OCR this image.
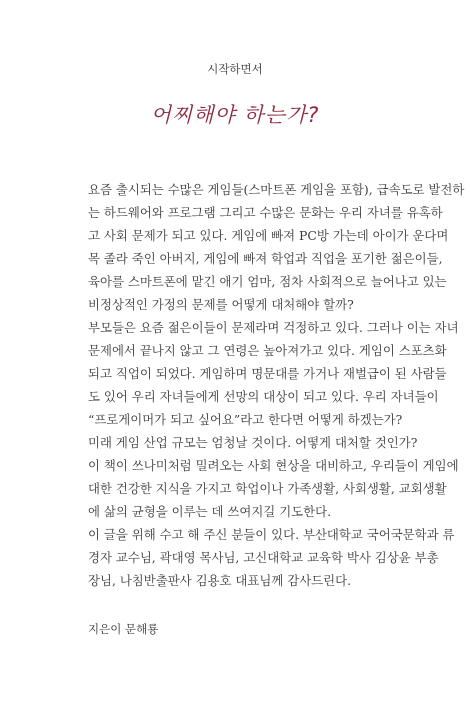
시작하면서
어찌해야 하는가?

요즘 출시되는 수많은 게임들(스마트폰 게임을 포함), 급속도로 발전하
는 하드웨어와 프로그램 그리고 수많은 문화는 우리 자녀를 유혹하
고 사회 문제가 되고 있다. 게임에 빠져 PC방 가는데 아이가 운다며
목 졸라 죽인 아버지, 게임에 빠져 학업과 직업을 포기한 젊은이들,
육아를 스마트폰에 맡긴 애기 엄마, 점차 사회적으로 늘어나고 있는
비정상적인 가정의 문제를 어떻게 대처해야 할까?

부모들은 요즘 젊은이들이 문제라며 걱정하고 있다. 그러나 이는 자녀
문제에서 끝나지 않고 그 연령은 높아져가고 있다. 게임이 스포츠화
되고 직업이 되었다. 게임하며 명문대를 가거나 재벌급이 된 사람들
도 있어 우리 자녀들에게 선망의 대상이 되고 있다. 우리 자녀들이
“프로게이머가 되고 싶어요”라고 한다면 어떻게 하겠는가?

미래 게임 산업 규모는 엄청날 것이다. 어떻게 대처할 것인가?

이 책이 쓰나미처럼 밀려오는 사회 현상을 대비하고, 우리들이 게임에
대한 건강한 지식을 가지고 학업이나 가족생활, 사회생활, 교회생활
에 삶의 균형을 이루는 데 쓰여지길 기도한다.

이 글을 위해 수고 해 주신 분들이 있다. 부산대학교 국어국문학과 류
경자 교수님, 곽대영 목사님, 고신대학교 교육학 박사 김상윤 부총
장님, 나침반출판사 김용호 대표님께 감사드린다.

지은이 문해룡
